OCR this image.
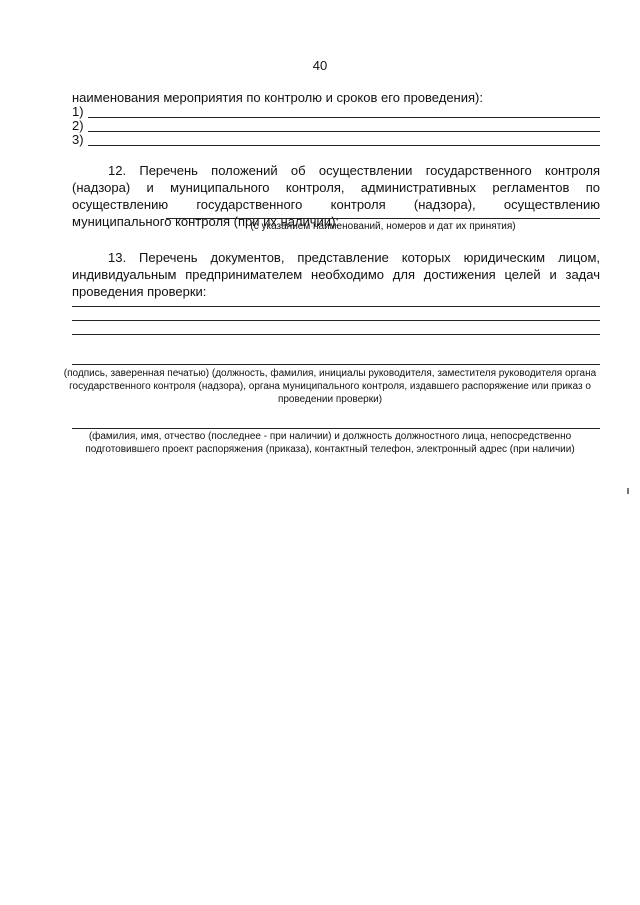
40
наименования мероприятия по контролю и сроков его проведения):
1)
2)
3)
12. Перечень положений об осуществлении государственного контроля (надзора) и муниципального контроля, административных регламентов по осуществлению государственного контроля (надзора), осуществлению муниципального контроля (при их наличии):
(с указанием наименований, номеров и дат их принятия)
13. Перечень документов, представление которых юридическим лицом, индивидуальным предпринимателем необходимо для достижения целей и задач проведения проверки:
(подпись, заверенная печатью) (должность, фамилия, инициалы руководителя, заместителя руководителя органа государственного контроля (надзора), органа муниципального контроля, издавшего распоряжение или приказ о проведении проверки)
(фамилия, имя, отчество (последнее - при наличии) и должность должностного лица, непосредственно подготовившего проект распоряжения (приказа), контактный телефон, электронный адрес (при наличии)
